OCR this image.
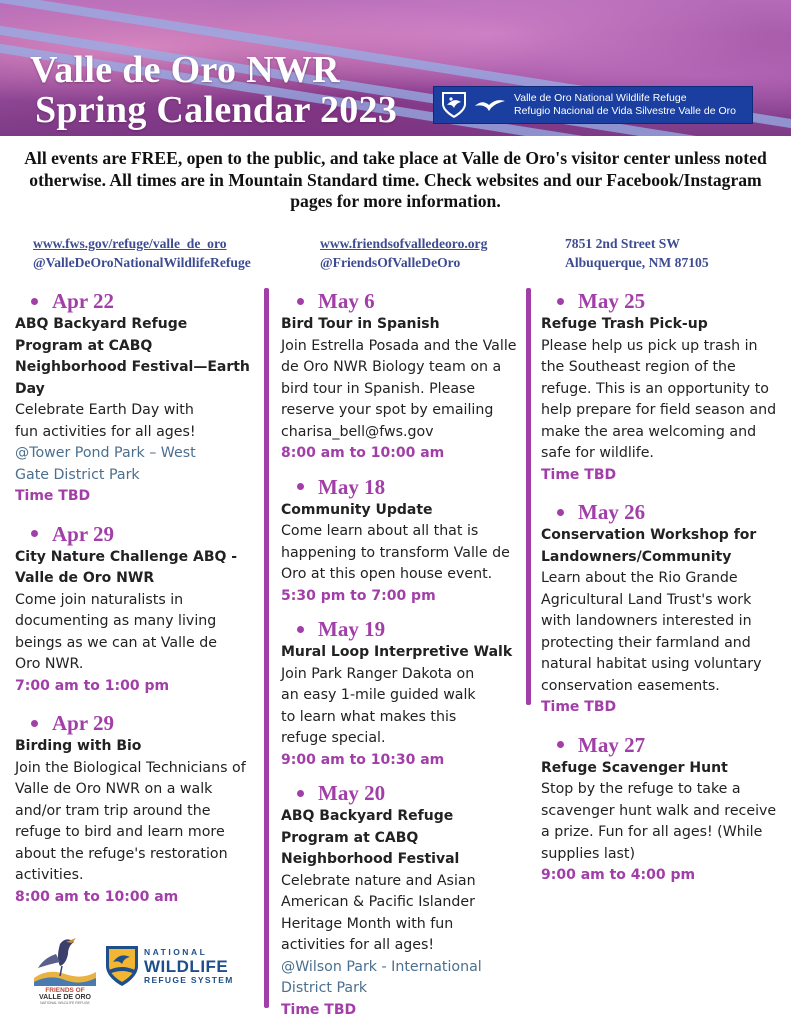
Valle de Oro NWR
Spring Calendar 2023	Valle de Oro National Wildlife Refuge
Refugio Nacional de Vida Silvestre Valle de Oro

All events are FREE, open to the public, and take place at Valle de Oro's visitor center unless noted otherwise. All times are in Mountain Standard time. Check websites and our Facebook/Instagram pages for more information.

www.fws.gov/refuge/valle_de_oro
@ValleDeOroNationalWildlifeRefuge
www.friendsofvalledeoro.org
@FriendsOfValleDeOro
7851 2nd Street SW
Albuquerque, NM 87105
Apr 22
ABQ Backyard Refuge Program at CABQ Neighborhood Festival—Earth Day
Celebrate Earth Day with fun activities for all ages!
@Tower Pond Park – West Gate District Park
Time TBD
Apr 29
City Nature Challenge ABQ - Valle de Oro NWR
Come join naturalists in documenting as many living beings as we can at Valle de Oro NWR.
7:00 am to 1:00 pm
Apr 29
Birding with Bio
Join the Biological Technicians of Valle de Oro NWR on a walk and/or tram trip around the refuge to bird and learn more about the refuge's restoration activities.
8:00 am to 10:00 am
May 6
Bird Tour in Spanish
Join Estrella Posada and the Valle de Oro NWR Biology team on a bird tour in Spanish. Please reserve your spot by emailing charisa_bell@fws.gov
8:00 am to 10:00 am
May 18
Community Update
Come learn about all that is happening to transform Valle de Oro at this open house event.
5:30 pm to 7:00 pm
May 19
Mural Loop Interpretive Walk
Join Park Ranger Dakota on an easy 1-mile guided walk to learn what makes this refuge special.
9:00 am to 10:30 am
May 20
ABQ Backyard Refuge Program at CABQ Neighborhood Festival
Celebrate nature and Asian American & Pacific Islander Heritage Month with fun activities for all ages!
@Wilson Park - International District Park
Time TBD
May 25
Refuge Trash Pick-up
Please help us pick up trash in the Southeast region of the refuge. This is an opportunity to help prepare for field season and make the area welcoming and safe for wildlife.
Time TBD
May 26
Conservation Workshop for Landowners/Community
Learn about the Rio Grande Agricultural Land Trust's work with landowners interested in protecting their farmland and natural habitat using voluntary conservation easements.
Time TBD
May 27
Refuge Scavenger Hunt
Stop by the refuge to take a scavenger hunt walk and receive a prize. Fun for all ages! (While supplies last)
9:00 am to 4:00 pm
FRIENDS OF
VALLE DE ORO
NATIONAL WILDLIFE REFUGE
NATIONAL
WILDLIFE
REFUGE SYSTEM
